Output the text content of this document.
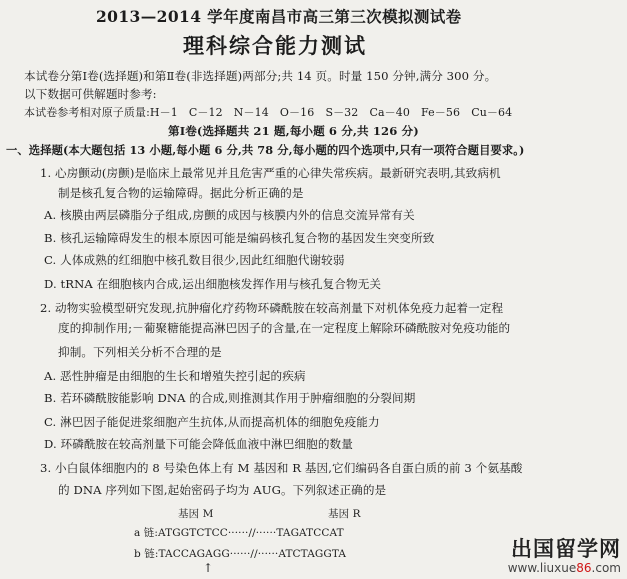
2013—2014 学年度南昌市高三第三次模拟测试卷
理科综合能力测试
本试卷分第Ⅰ卷(选择题)和第Ⅱ卷(非选择题)两部分;共 14 页。时量 150 分钟,满分 300 分。
以下数据可供解题时参考:
本试卷参考相对原子质量:H－1　C－12　N－14　O－16　S－32　Ca－40　Fe－56　Cu－64
第Ⅰ卷(选择题共 21 题,每小题 6 分,共 126 分)
一、选择题(本大题包括 13 小题,每小题 6 分,共 78 分,每小题的四个选项中,只有一项符合题目要求。)
1. 心房颤动(房颤)是临床上最常见并且危害严重的心律失常疾病。最新研究表明,其致病机
制是核孔复合物的运输障碍。据此分析正确的是
A. 核膜由两层磷脂分子组成,房颤的成因与核膜内外的信息交流异常有关
B. 核孔运输障碍发生的根本原因可能是编码核孔复合物的基因发生突变所致
C. 人体成熟的红细胞中核孔数目很少,因此红细胞代谢较弱
D. tRNA 在细胞核内合成,运出细胞核发挥作用与核孔复合物无关
2. 动物实验模型研究发现,抗肿瘤化疗药物环磷酰胺在较高剂量下对机体免疫力起着一定程
度的抑制作用;－葡聚糖能提高淋巴因子的含量,在一定程度上解除环磷酰胺对免疫功能的
抑制。下列相关分析不合理的是
A. 恶性肿瘤是由细胞的生长和增殖失控引起的疾病
B. 若环磷酰胺能影响 DNA 的合成,则推测其作用于肿瘤细胞的分裂间期
C. 淋巴因子能促进浆细胞产生抗体,从而提高机体的细胞免疫能力
D. 环磷酰胺在较高剂量下可能会降低血液中淋巴细胞的数量
3. 小白鼠体细胞内的 8 号染色体上有 M 基因和 R 基因,它们编码各自蛋白质的前 3 个氨基酸
的 DNA 序列如下图,起始密码子均为 AUG。下列叙述正确的是
基因 M	基因 R
a 链:ATGGTCTCC······//······TAGATCCAT
b 链:TACCAGAGG······//······ATCTAGGTA
↑
出国留学网
www.liuxue86.com
